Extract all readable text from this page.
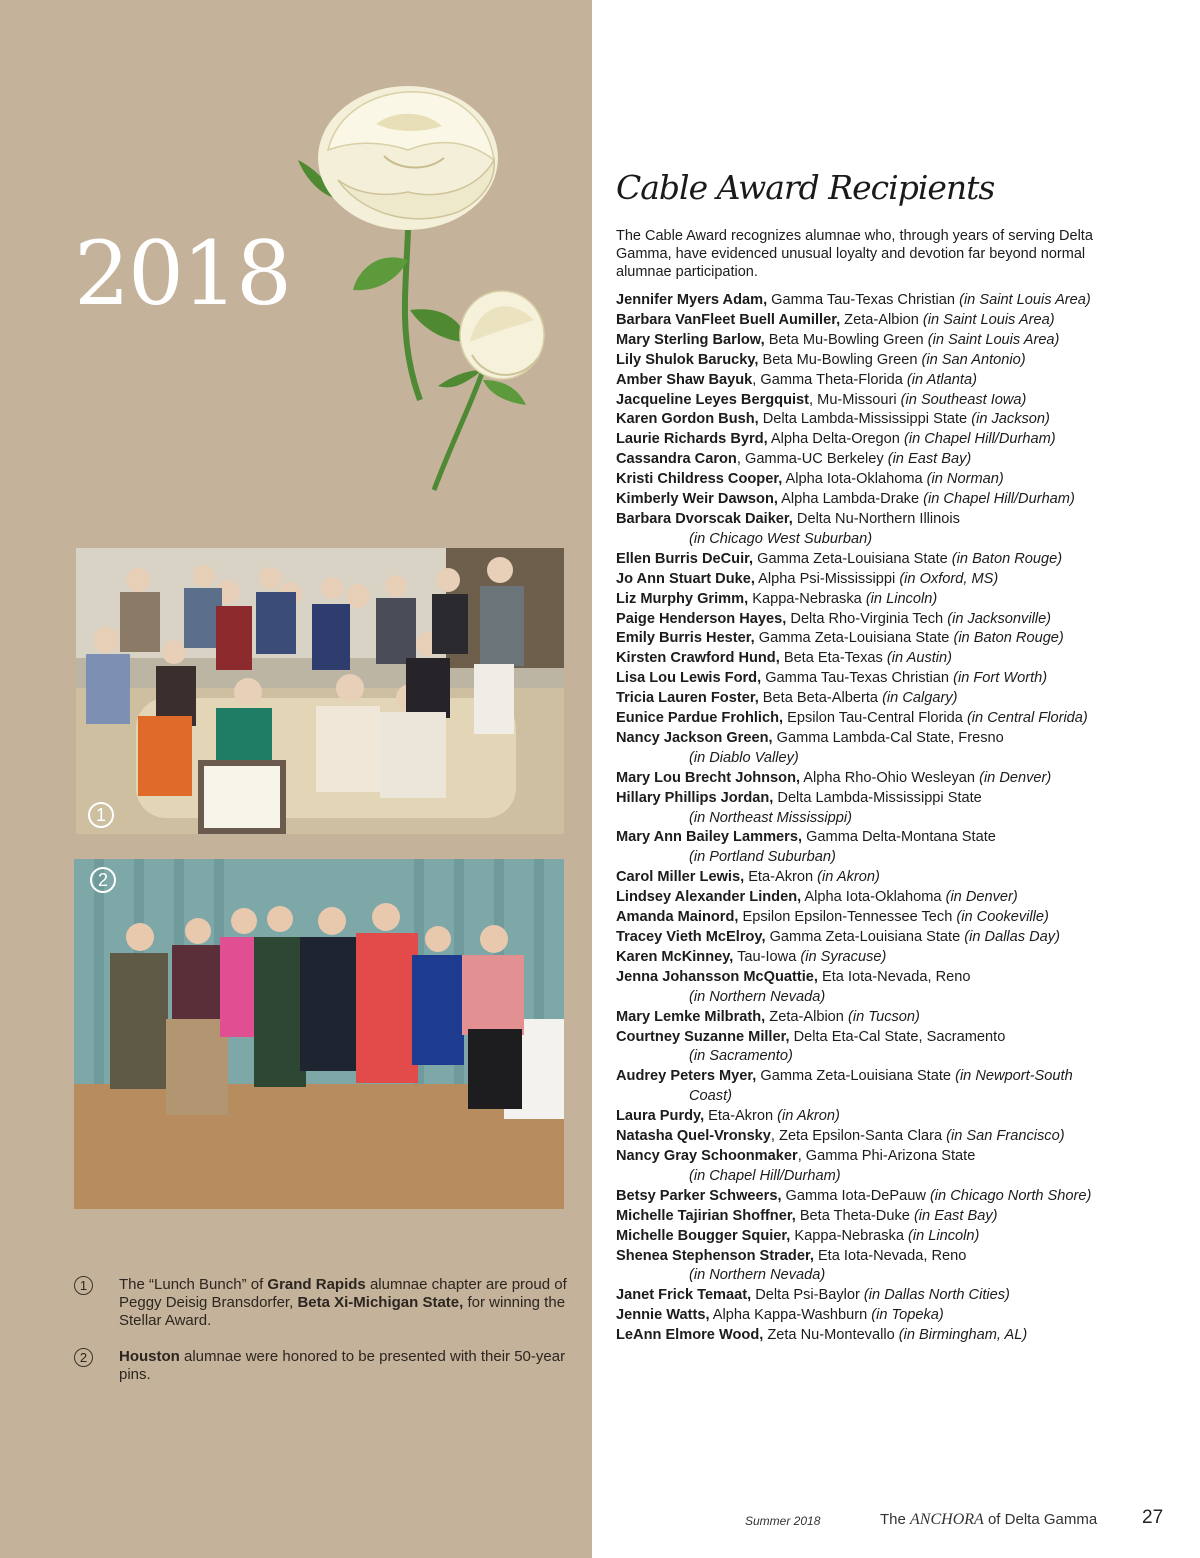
2018
1
2
1	The “Lunch Bunch” of Grand Rapids alumnae chapter are proud of Peggy Deisig Bransdorfer, Beta Xi-Michigan State, for winning the Stellar Award.
2	Houston alumnae were honored to be presented with their 50-year pins.
Cable Award Recipients
The Cable Award recognizes alumnae who, through years of serving Delta Gamma, have evidenced unusual loyalty and devotion far beyond normal alumnae participation.
Jennifer Myers Adam, Gamma Tau-Texas Christian (in Saint Louis Area)
Barbara VanFleet Buell Aumiller, Zeta-Albion (in Saint Louis Area)
Mary Sterling Barlow, Beta Mu-Bowling Green (in Saint Louis Area)
Lily Shulok Barucky, Beta Mu-Bowling Green (in San Antonio)
Amber Shaw Bayuk, Gamma Theta-Florida (in Atlanta)
Jacqueline Leyes Bergquist, Mu-Missouri (in Southeast Iowa)
Karen Gordon Bush, Delta Lambda-Mississippi State (in Jackson)
Laurie Richards Byrd, Alpha Delta-Oregon (in Chapel Hill/Durham)
Cassandra Caron, Gamma-UC Berkeley (in East Bay)
Kristi Childress Cooper, Alpha Iota-Oklahoma (in Norman)
Kimberly Weir Dawson, Alpha Lambda-Drake (in Chapel Hill/Durham)
Barbara Dvorscak Daiker, Delta Nu-Northern Illinois
(in Chicago West Suburban)
Ellen Burris DeCuir, Gamma Zeta-Louisiana State (in Baton Rouge)
Jo Ann Stuart Duke, Alpha Psi-Mississippi (in Oxford, MS)
Liz Murphy Grimm, Kappa-Nebraska (in Lincoln)
Paige Henderson Hayes, Delta Rho-Virginia Tech (in Jacksonville)
Emily Burris Hester, Gamma Zeta-Louisiana State (in Baton Rouge)
Kirsten Crawford Hund, Beta Eta-Texas (in Austin)
Lisa Lou Lewis Ford, Gamma Tau-Texas Christian (in Fort Worth)
Tricia Lauren Foster, Beta Beta-Alberta (in Calgary)
Eunice Pardue Frohlich, Epsilon Tau-Central Florida (in Central Florida)
Nancy Jackson Green, Gamma Lambda-Cal State, Fresno
(in Diablo Valley)
Mary Lou Brecht Johnson, Alpha Rho-Ohio Wesleyan (in Denver)
Hillary Phillips Jordan, Delta Lambda-Mississippi State
(in Northeast Mississippi)
Mary Ann Bailey Lammers, Gamma Delta-Montana State
(in Portland Suburban)
Carol Miller Lewis, Eta-Akron (in Akron)
Lindsey Alexander Linden, Alpha Iota-Oklahoma (in Denver)
Amanda Mainord, Epsilon Epsilon-Tennessee Tech (in Cookeville)
Tracey Vieth McElroy, Gamma Zeta-Louisiana State (in Dallas Day)
Karen McKinney, Tau-Iowa (in Syracuse)
Jenna Johansson McQuattie, Eta Iota-Nevada, Reno
(in Northern Nevada)
Mary Lemke Milbrath, Zeta-Albion (in Tucson)
Courtney Suzanne Miller, Delta Eta-Cal State, Sacramento
(in Sacramento)
Audrey Peters Myer, Gamma Zeta-Louisiana State (in Newport-South
Coast)
Laura Purdy, Eta-Akron (in Akron)
Natasha Quel-Vronsky, Zeta Epsilon-Santa Clara (in San Francisco)
Nancy Gray Schoonmaker, Gamma Phi-Arizona State
(in Chapel Hill/Durham)
Betsy Parker Schweers, Gamma Iota-DePauw (in Chicago North Shore)
Michelle Tajirian Shoffner, Beta Theta-Duke (in East Bay)
Michelle Bougger Squier, Kappa-Nebraska (in Lincoln)
Shenea Stephenson Strader, Eta Iota-Nevada, Reno
(in Northern Nevada)
Janet Frick Temaat, Delta Psi-Baylor (in Dallas North Cities)
Jennie Watts, Alpha Kappa-Washburn (in Topeka)
LeAnn Elmore Wood, Zeta Nu-Montevallo (in Birmingham, AL)
Summer 2018	The ANCHORA of Delta Gamma 27
